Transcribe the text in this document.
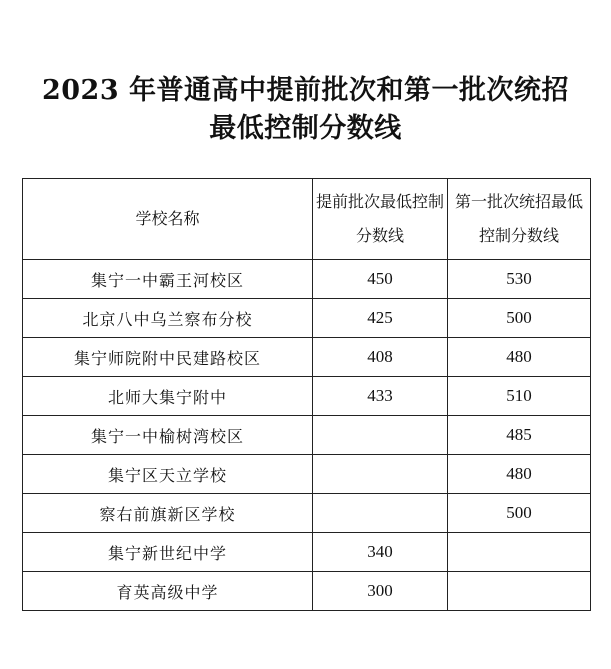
2023 年普通高中提前批次和第一批次统招
最低控制分数线
学校名称	提前批次最低控制分数线	第一批次统招最低控制分数线
集宁一中霸王河校区	450	530
北京八中乌兰察布分校	425	500
集宁师院附中民建路校区	408	480
北师大集宁附中	433	510
集宁一中榆树湾校区		485
集宁区天立学校		480
察右前旗新区学校		500
集宁新世纪中学	340	
育英高级中学	300	
